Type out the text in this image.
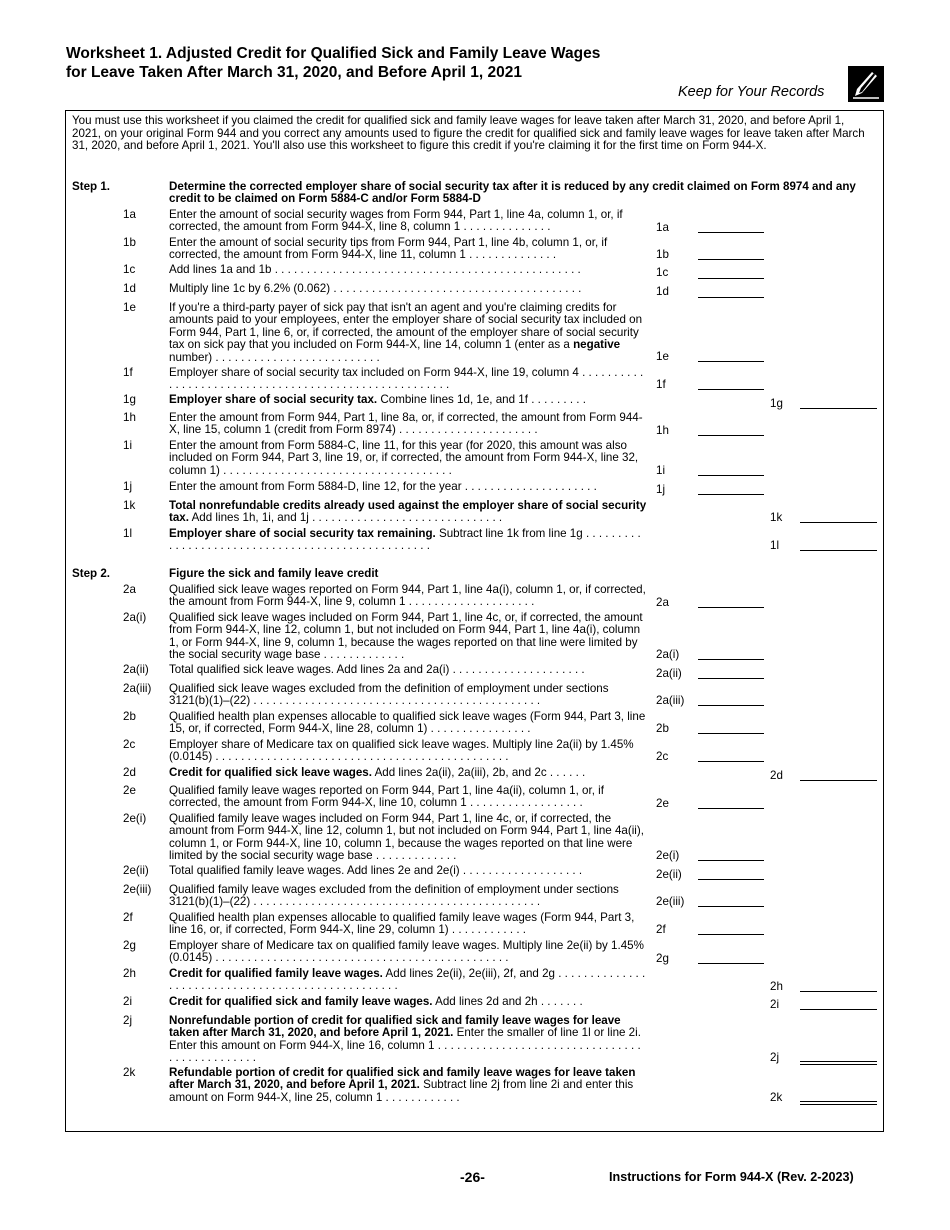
Worksheet 1. Adjusted Credit for Qualified Sick and Family Leave Wages for Leave Taken After March 31, 2020, and Before April 1, 2021
Keep for Your Records
You must use this worksheet if you claimed the credit for qualified sick and family leave wages for leave taken after March 31, 2020, and before April 1, 2021, on your original Form 944 and you correct any amounts used to figure the credit for qualified sick and family leave wages for leave taken after March 31, 2020, and before April 1, 2021. You'll also use this worksheet to figure this credit if you're claiming it for the first time on Form 944-X.
Step 1.	Determine the corrected employer share of social security tax after it is reduced by any credit claimed on Form 8974 and any credit to be claimed on Form 5884-C and/or Form 5884-D
1a	Enter the amount of social security wages from Form 944, Part 1, line 4a, column 1, or, if corrected, the amount from Form 944-X, line 8, column 1 . . . . . . . . . . . . . .	1a
1b	Enter the amount of social security tips from Form 944, Part 1, line 4b, column 1, or, if corrected, the amount from Form 944-X, line 11, column 1 . . . . . . . . . . . . . .	1b
1c	Add lines 1a and 1b . . . . . . . . . . . . . . . . . . . . . . . . . . . . . . . . . . . . . . . . . . . . . . . .	1c
1d	Multiply line 1c by 6.2% (0.062) . . . . . . . . . . . . . . . . . . . . . . . . . . . . . . . . . . . . . . .	1d
1e	If you're a third-party payer of sick pay that isn't an agent and you're claiming credits for amounts paid to your employees, enter the employer share of social security tax included on Form 944, Part 1, line 6, or, if corrected, the amount of the employer share of social security tax on sick pay that you included on Form 944-X, line 14, column 1 (enter as a negative number) . . . . . . . . . . . . . . . . . . . . . . . . . .	1e
1f	Employer share of social security tax included on Form 944-X, line 19, column 4 . . . . . . . . . . . . . . . . . . . . . . . . . . . . . . . . . . . . . . . . . . . . . . . . . . . . . .	1f
1g	Employer share of social security tax. Combine lines 1d, 1e, and 1f . . . . . . . . .	1g
1h	Enter the amount from Form 944, Part 1, line 8a, or, if corrected, the amount from Form 944-X, line 15, column 1 (credit from Form 8974) . . . . . . . . . . . . . . . . . . . . . .	1h
1i	Enter the amount from Form 5884-C, line 11, for this year (for 2020, this amount was also included on Form 944, Part 3, line 19, or, if corrected, the amount from Form 944-X, line 32, column 1) . . . . . . . . . . . . . . . . . . . . . . . . . . . . . . . . . . . .	1i
1j	Enter the amount from Form 5884-D, line 12, for the year . . . . . . . . . . . . . . . . . . . . .	1j
1k	Total nonrefundable credits already used against the employer share of social security tax. Add lines 1h, 1i, and 1j . . . . . . . . . . . . . . . . . . . . . . . . . . . . . .	1k
1l	Employer share of social security tax remaining. Subtract line 1k from line 1g . . . . . . . . . . . . . . . . . . . . . . . . . . . . . . . . . . . . . . . . . . . . . . . . . .	1l
Step 2.	Figure the sick and family leave credit
2a	Qualified sick leave wages reported on Form 944, Part 1, line 4a(i), column 1, or, if corrected, the amount from Form 944-X, line 9, column 1 . . . . . . . . . . . . . . . . . . . .	2a
2a(i) Qualified sick leave wages included on Form 944, Part 1, line 4c, or, if corrected, the amount from Form 944-X, line 12, column 1, but not included on Form 944, Part 1, line 4a(i), column 1, or Form 944-X, line 9, column 1, because the wages reported on that line were limited by the social security wage base . . . . . . . . . . . . .	2a(i)
2a(ii) Total qualified sick leave wages. Add lines 2a and 2a(i) . . . . . . . . . . . . . . . . . . . . .	2a(ii)
2a(iii) Qualified sick leave wages excluded from the definition of employment under sections 3121(b)(1)–(22) . . . . . . . . . . . . . . . . . . . . . . . . . . . . . . . . . . . . . . . . . . . . .	2a(iii)
2b	Qualified health plan expenses allocable to qualified sick leave wages (Form 944, Part 3, line 15, or, if corrected, Form 944-X, line 28, column 1) . . . . . . . . . . . . . . . .	2b
2c	Employer share of Medicare tax on qualified sick leave wages. Multiply line 2a(ii) by 1.45% (0.0145) . . . . . . . . . . . . . . . . . . . . . . . . . . . . . . . . . . . . . . . . . . . . . .	2c
2d	Credit for qualified sick leave wages. Add lines 2a(ii), 2a(iii), 2b, and 2c . . . . . .	2d
2e	Qualified family leave wages reported on Form 944, Part 1, line 4a(ii), column 1, or, if corrected, the amount from Form 944-X, line 10, column 1 . . . . . . . . . . . . . . . . . .	2e
2e(i) Qualified family leave wages included on Form 944, Part 1, line 4c, or, if corrected, the amount from Form 944-X, line 12, column 1, but not included on Form 944, Part 1, line 4a(ii), column 1, or Form 944-X, line 10, column 1, because the wages reported on that line were limited by the social security wage base . . . . . . . . . . . . .	2e(i)
2e(ii) Total qualified family leave wages. Add lines 2e and 2e(i) . . . . . . . . . . . . . . . . . . .	2e(ii)
2e(iii) Qualified family leave wages excluded from the definition of employment under sections 3121(b)(1)–(22) . . . . . . . . . . . . . . . . . . . . . . . . . . . . . . . . . . . . . . . . . . . . .	2e(iii)
2f	Qualified health plan expenses allocable to qualified family leave wages (Form 944, Part 3, line 16, or, if corrected, Form 944-X, line 29, column 1) . . . . . . . . . . . .	2f
2g	Employer share of Medicare tax on qualified family leave wages. Multiply line 2e(ii) by 1.45% (0.0145) . . . . . . . . . . . . . . . . . . . . . . . . . . . . . . . . . . . . . . . . . . . . . .	2g
2h	Credit for qualified family leave wages. Add lines 2e(ii), 2e(iii), 2f, and 2g . . . . . . . . . . . . . . . . . . . . . . . . . . . . . . . . . . . . . . . . . . . . . . . . . .	2h
2i	Credit for qualified sick and family leave wages. Add lines 2d and 2h . . . . . . .	2i
2j	Nonrefundable portion of credit for qualified sick and family leave wages for leave taken after March 31, 2020, and before April 1, 2021. Enter the smaller of line 1l or line 2i. Enter this amount on Form 944-X, line 16, column 1 . . . . . . . . . . . . . . . . . . . . . . . . . . . . . . . . . . . . . . . . . . . . . .	2j
2k	Refundable portion of credit for qualified sick and family leave wages for leave taken after March 31, 2020, and before April 1, 2021. Subtract line 2j from line 2i and enter this amount on Form 944-X, line 25, column 1 . . . . . . . . . . . .	2k
-26-	Instructions for Form 944-X (Rev. 2-2023)
